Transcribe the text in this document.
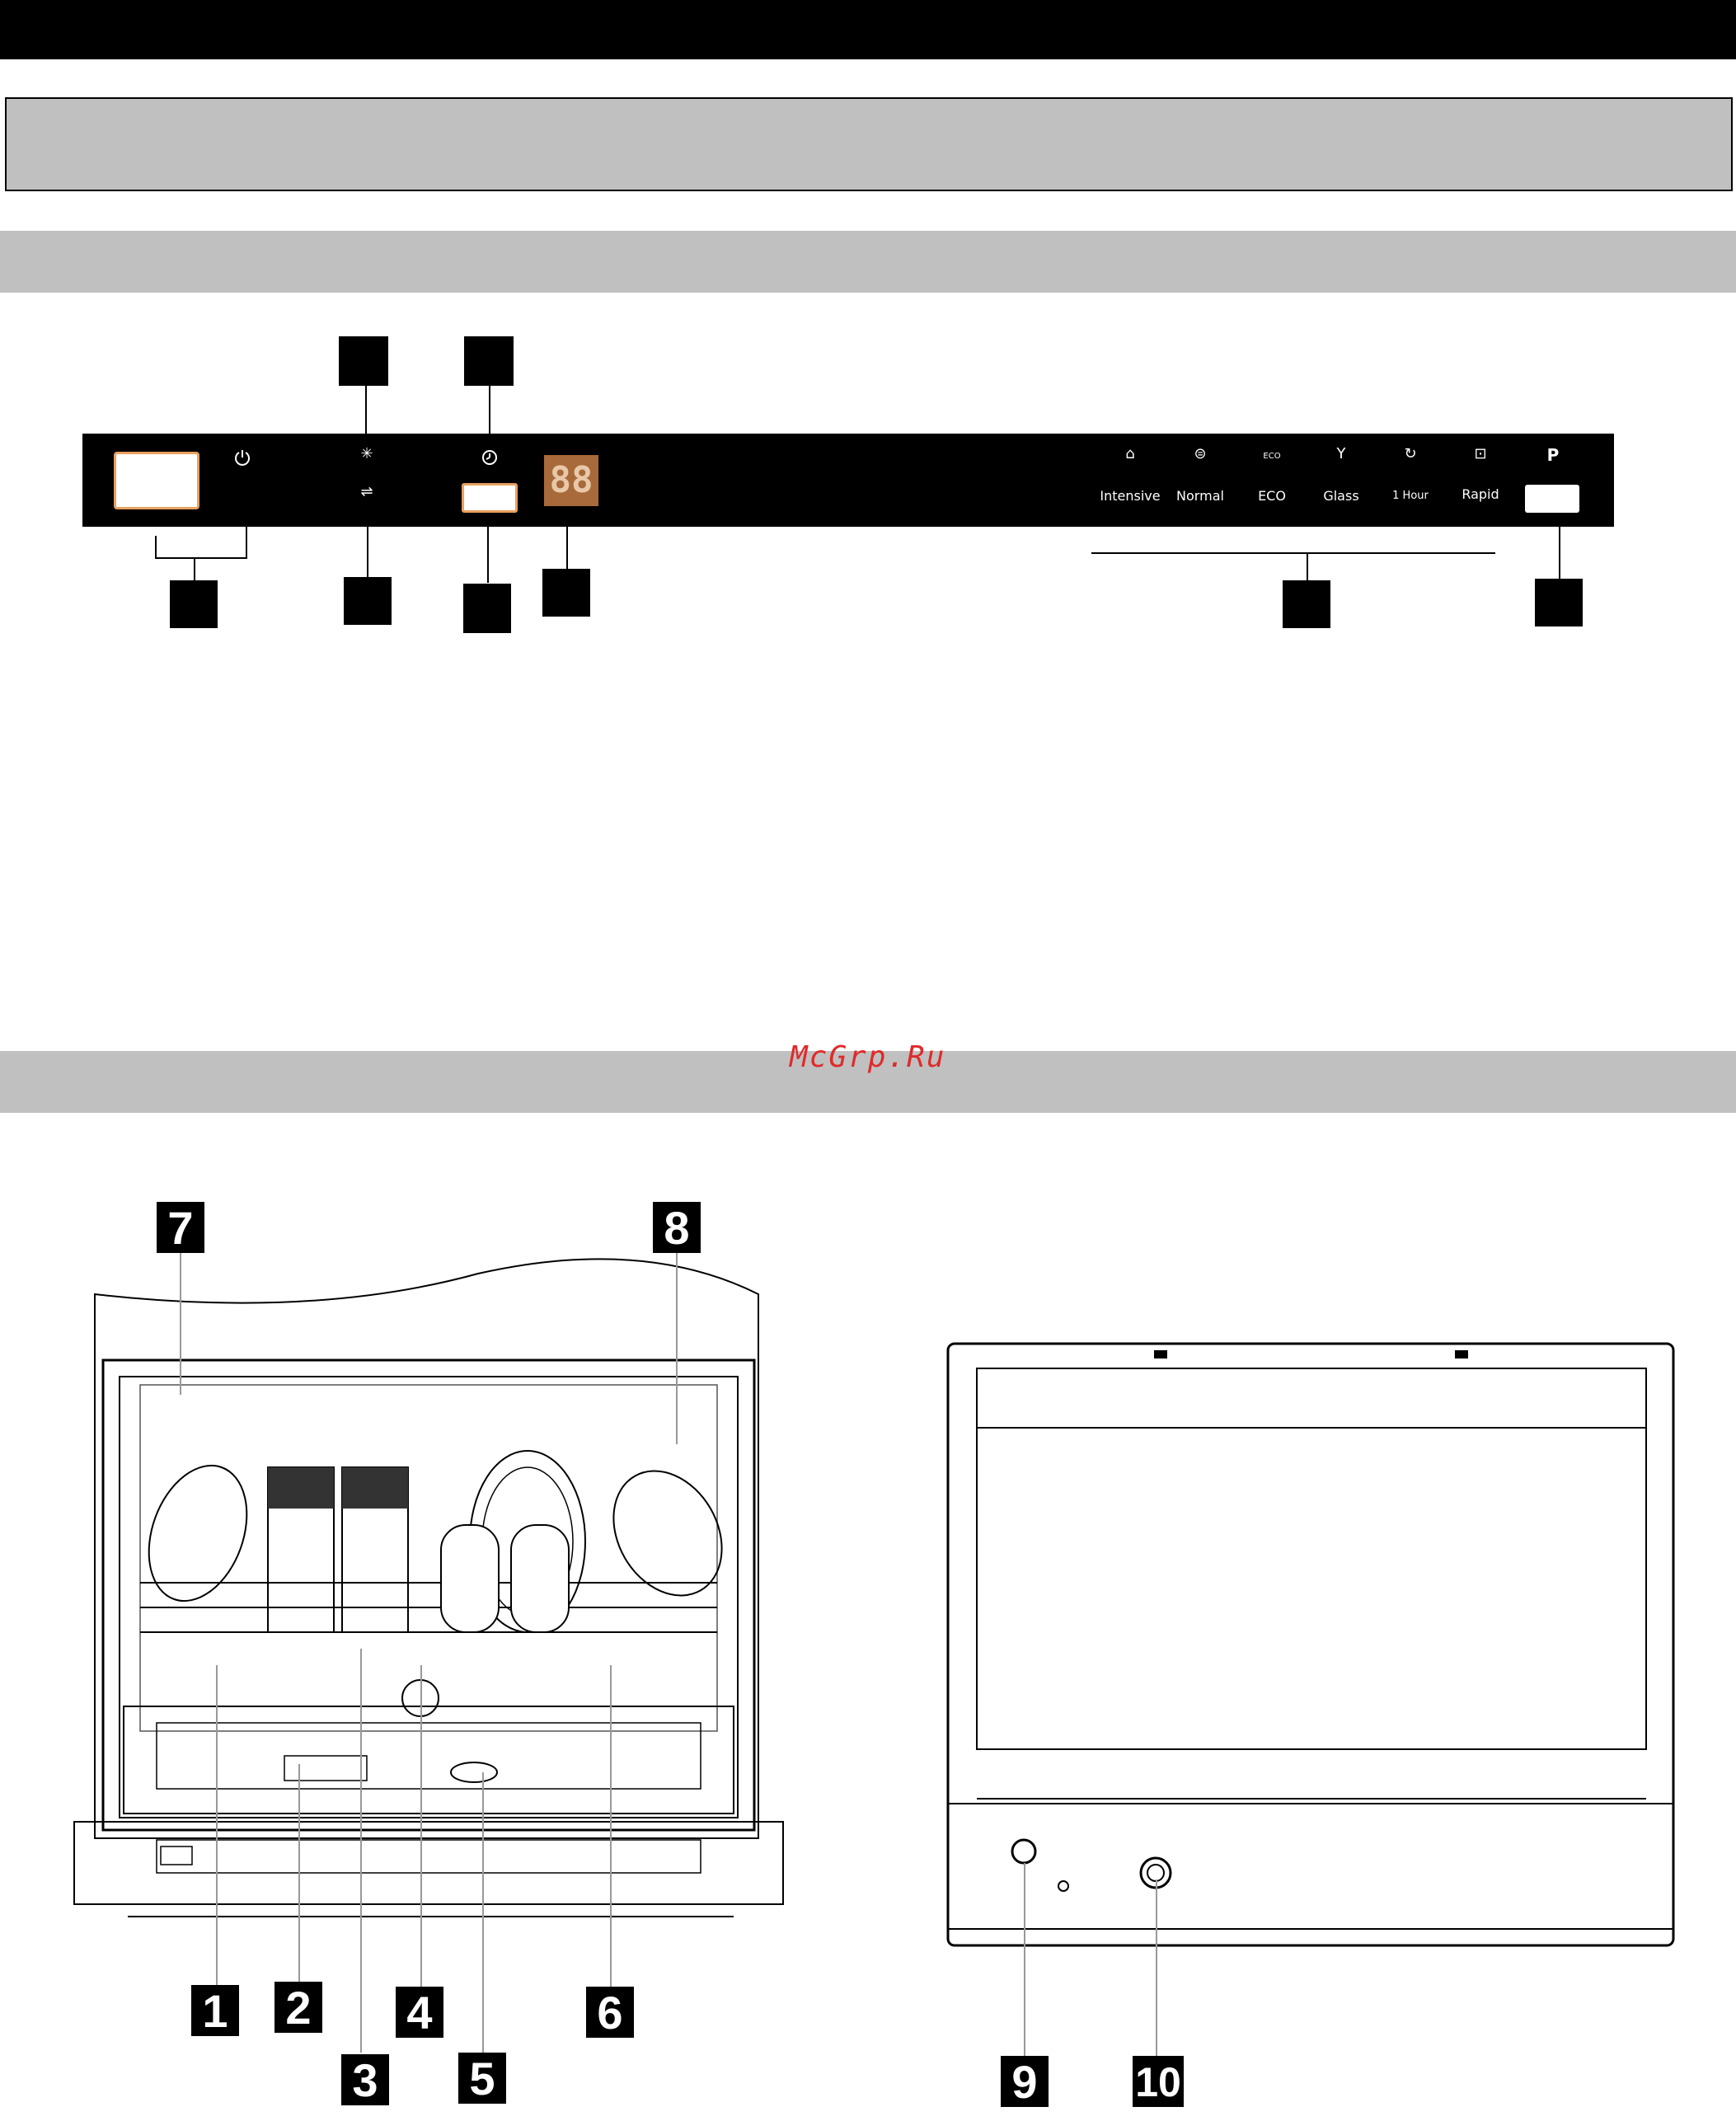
✳
⇌	88
⌂	⊜	ECO	Y	↻	⊡	P
Intensive	Normal	ECO	Glass	1 Hour	Rapid
McGrp.Ru
7	8
1 2
3
4
5
6
9 10
